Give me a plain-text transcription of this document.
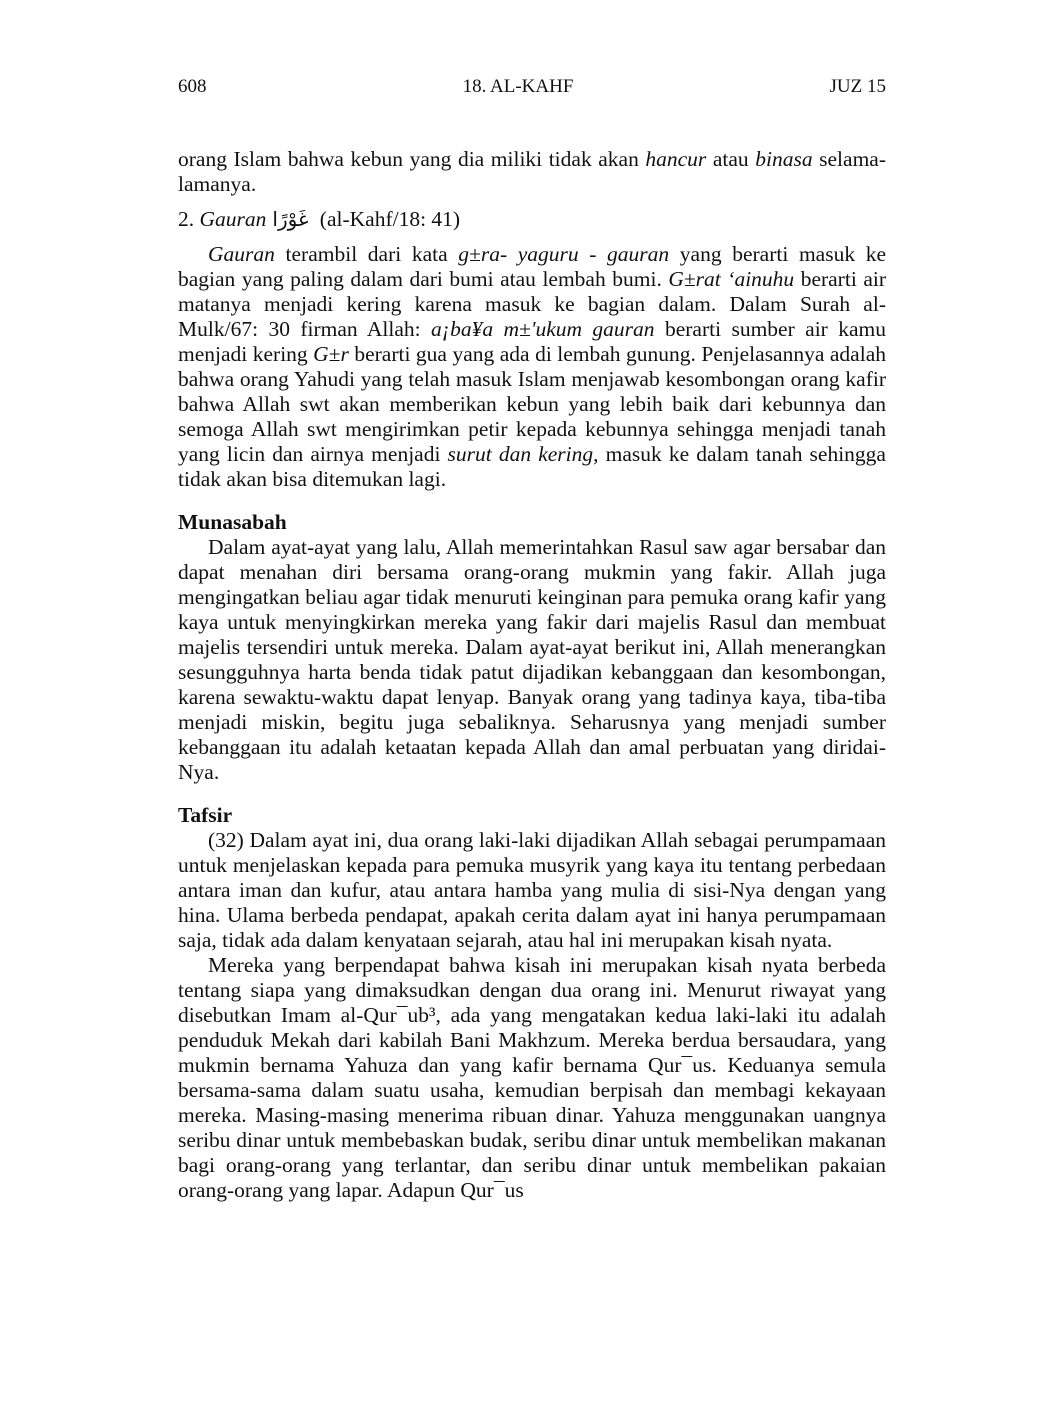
608	18. AL-KAHF	JUZ 15

orang Islam bahwa kebun yang dia miliki tidak akan hancur atau binasa selama-lamanya.

2. Gauran غَوْرًا (al-Kahf/18: 41)

Gauran terambil dari kata g±ra- yaguru - gauran yang berarti masuk ke bagian yang paling dalam dari bumi atau lembah bumi. G±rat ‘ainuhu berarti air matanya menjadi kering karena masuk ke bagian dalam. Dalam Surah al-Mulk/67: 30 firman Allah: a¡ba¥a m±'ukum gauran berarti sumber air kamu menjadi kering G±r berarti gua yang ada di lembah gunung. Penjelasannya adalah bahwa orang Yahudi yang telah masuk Islam menjawab kesombongan orang kafir bahwa Allah swt akan memberikan kebun yang lebih baik dari kebunnya dan semoga Allah swt mengirimkan petir kepada kebunnya sehingga menjadi tanah yang licin dan airnya menjadi surut dan kering, masuk ke dalam tanah sehingga tidak akan bisa ditemukan lagi.

Munasabah

Dalam ayat-ayat yang lalu, Allah memerintahkan Rasul saw agar bersabar dan dapat menahan diri bersama orang-orang mukmin yang fakir. Allah juga mengingatkan beliau agar tidak menuruti keinginan para pemuka orang kafir yang kaya untuk menyingkirkan mereka yang fakir dari majelis Rasul dan membuat majelis tersendiri untuk mereka. Dalam ayat-ayat berikut ini, Allah menerangkan sesungguhnya harta benda tidak patut dijadikan kebanggaan dan kesombongan, karena sewaktu-waktu dapat lenyap. Banyak orang yang tadinya kaya, tiba-tiba menjadi miskin, begitu juga sebaliknya. Seharusnya yang menjadi sumber kebanggaan itu adalah ketaatan kepada Allah dan amal perbuatan yang diridai-Nya.

Tafsir

(32) Dalam ayat ini, dua orang laki-laki dijadikan Allah sebagai perumpamaan untuk menjelaskan kepada para pemuka musyrik yang kaya itu tentang perbedaan antara iman dan kufur, atau antara hamba yang mulia di sisi-Nya dengan yang hina. Ulama berbeda pendapat, apakah cerita dalam ayat ini hanya perumpamaan saja, tidak ada dalam kenyataan sejarah, atau hal ini merupakan kisah nyata.

Mereka yang berpendapat bahwa kisah ini merupakan kisah nyata berbeda tentang siapa yang dimaksudkan dengan dua orang ini. Menurut riwayat yang disebutkan Imam al-Qur¯ub³, ada yang mengatakan kedua laki-laki itu adalah penduduk Mekah dari kabilah Bani Makhzum. Mereka berdua bersaudara, yang mukmin bernama Yahuza dan yang kafir bernama Qur¯us. Keduanya semula bersama-sama dalam suatu usaha, kemudian berpisah dan membagi kekayaan mereka. Masing-masing menerima ribuan dinar. Yahuza menggunakan uangnya seribu dinar untuk membebaskan budak, seribu dinar untuk membelikan makanan bagi orang-orang yang terlantar, dan seribu dinar untuk membelikan pakaian orang-orang yang lapar. Adapun Qur¯us
